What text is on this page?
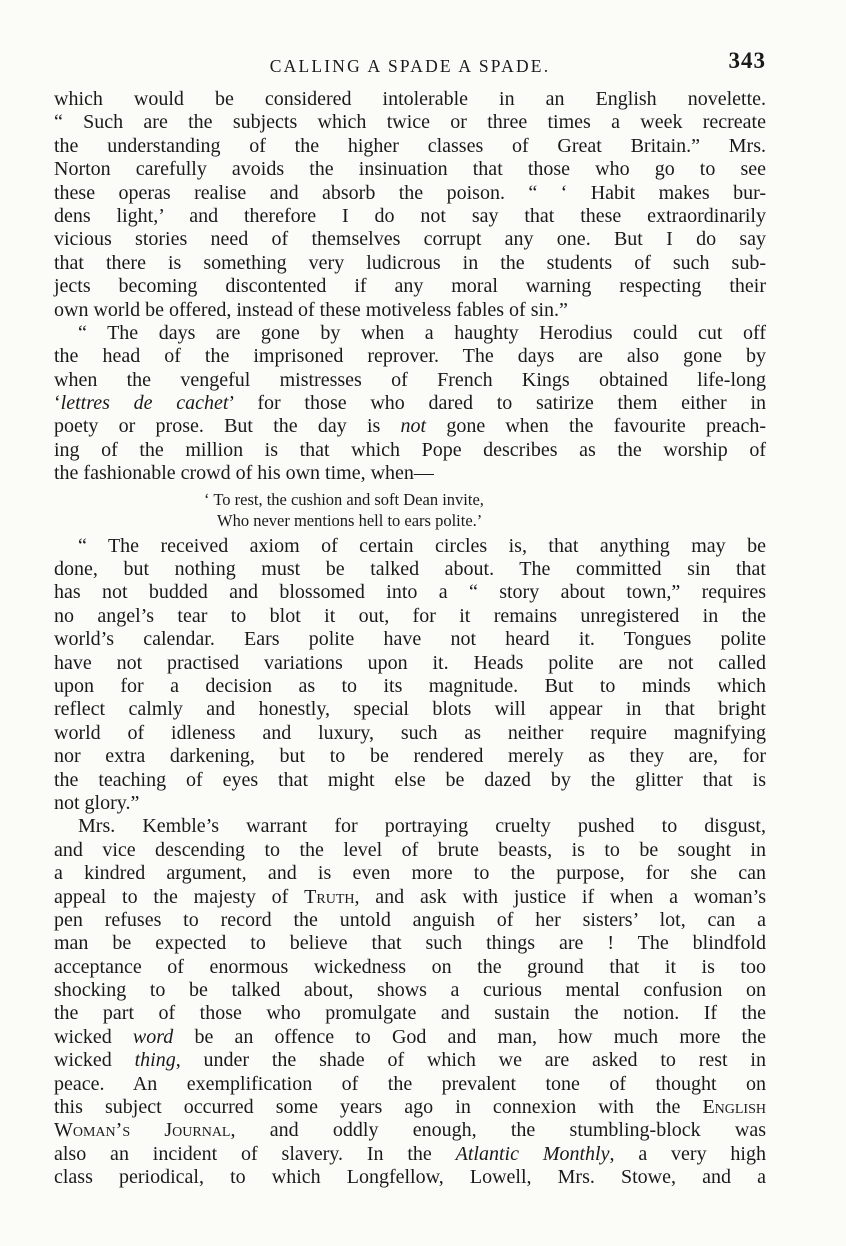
CALLING A SPADE A SPADE.	343
which would be considered intolerable in an English novelette.
“ Such are the subjects which twice or three times a week recreate
the understanding of the higher classes of Great Britain.” Mrs.
Norton carefully avoids the insinuation that those who go to see
these operas realise and absorb the poison. “ ‘ Habit makes bur-
dens light,’ and therefore I do not say that these extraordinarily
vicious stories need of themselves corrupt any one. But I do say
that there is something very ludicrous in the students of such sub-
jects becoming discontented if any moral warning respecting their
own world be offered, instead of these motiveless fables of sin.”
“ The days are gone by when a haughty Herodius could cut off
the head of the imprisoned reprover. The days are also gone by
when the vengeful mistresses of French Kings obtained life-long
‘lettres de cachet’ for those who dared to satirize them either in
poety or prose. But the day is not gone when the favourite preach-
ing of the million is that which Pope describes as the worship of
the fashionable crowd of his own time, when—
‘ To rest, the cushion and soft Dean invite,
Who never mentions hell to ears polite.’
“ The received axiom of certain circles is, that anything may be
done, but nothing must be talked about. The committed sin that
has not budded and blossomed into a “ story about town,” requires
no angel’s tear to blot it out, for it remains unregistered in the
world’s calendar. Ears polite have not heard it. Tongues polite
have not practised variations upon it. Heads polite are not called
upon for a decision as to its magnitude. But to minds which
reflect calmly and honestly, special blots will appear in that bright
world of idleness and luxury, such as neither require magnifying
nor extra darkening, but to be rendered merely as they are, for
the teaching of eyes that might else be dazed by the glitter that is
not glory.”
Mrs. Kemble’s warrant for portraying cruelty pushed to disgust,
and vice descending to the level of brute beasts, is to be sought in
a kindred argument, and is even more to the purpose, for she can
appeal to the majesty of Truth, and ask with justice if when a woman’s
pen refuses to record the untold anguish of her sisters’ lot, can a
man be expected to believe that such things are ! The blindfold
acceptance of enormous wickedness on the ground that it is too
shocking to be talked about, shows a curious mental confusion on
the part of those who promulgate and sustain the notion. If the
wicked word be an offence to God and man, how much more the
wicked thing, under the shade of which we are asked to rest in
peace. An exemplification of the prevalent tone of thought on
this subject occurred some years ago in connexion with the English
Woman’s Journal, and oddly enough, the stumbling-block was
also an incident of slavery. In the Atlantic Monthly, a very high
class periodical, to which Longfellow, Lowell, Mrs. Stowe, and a
